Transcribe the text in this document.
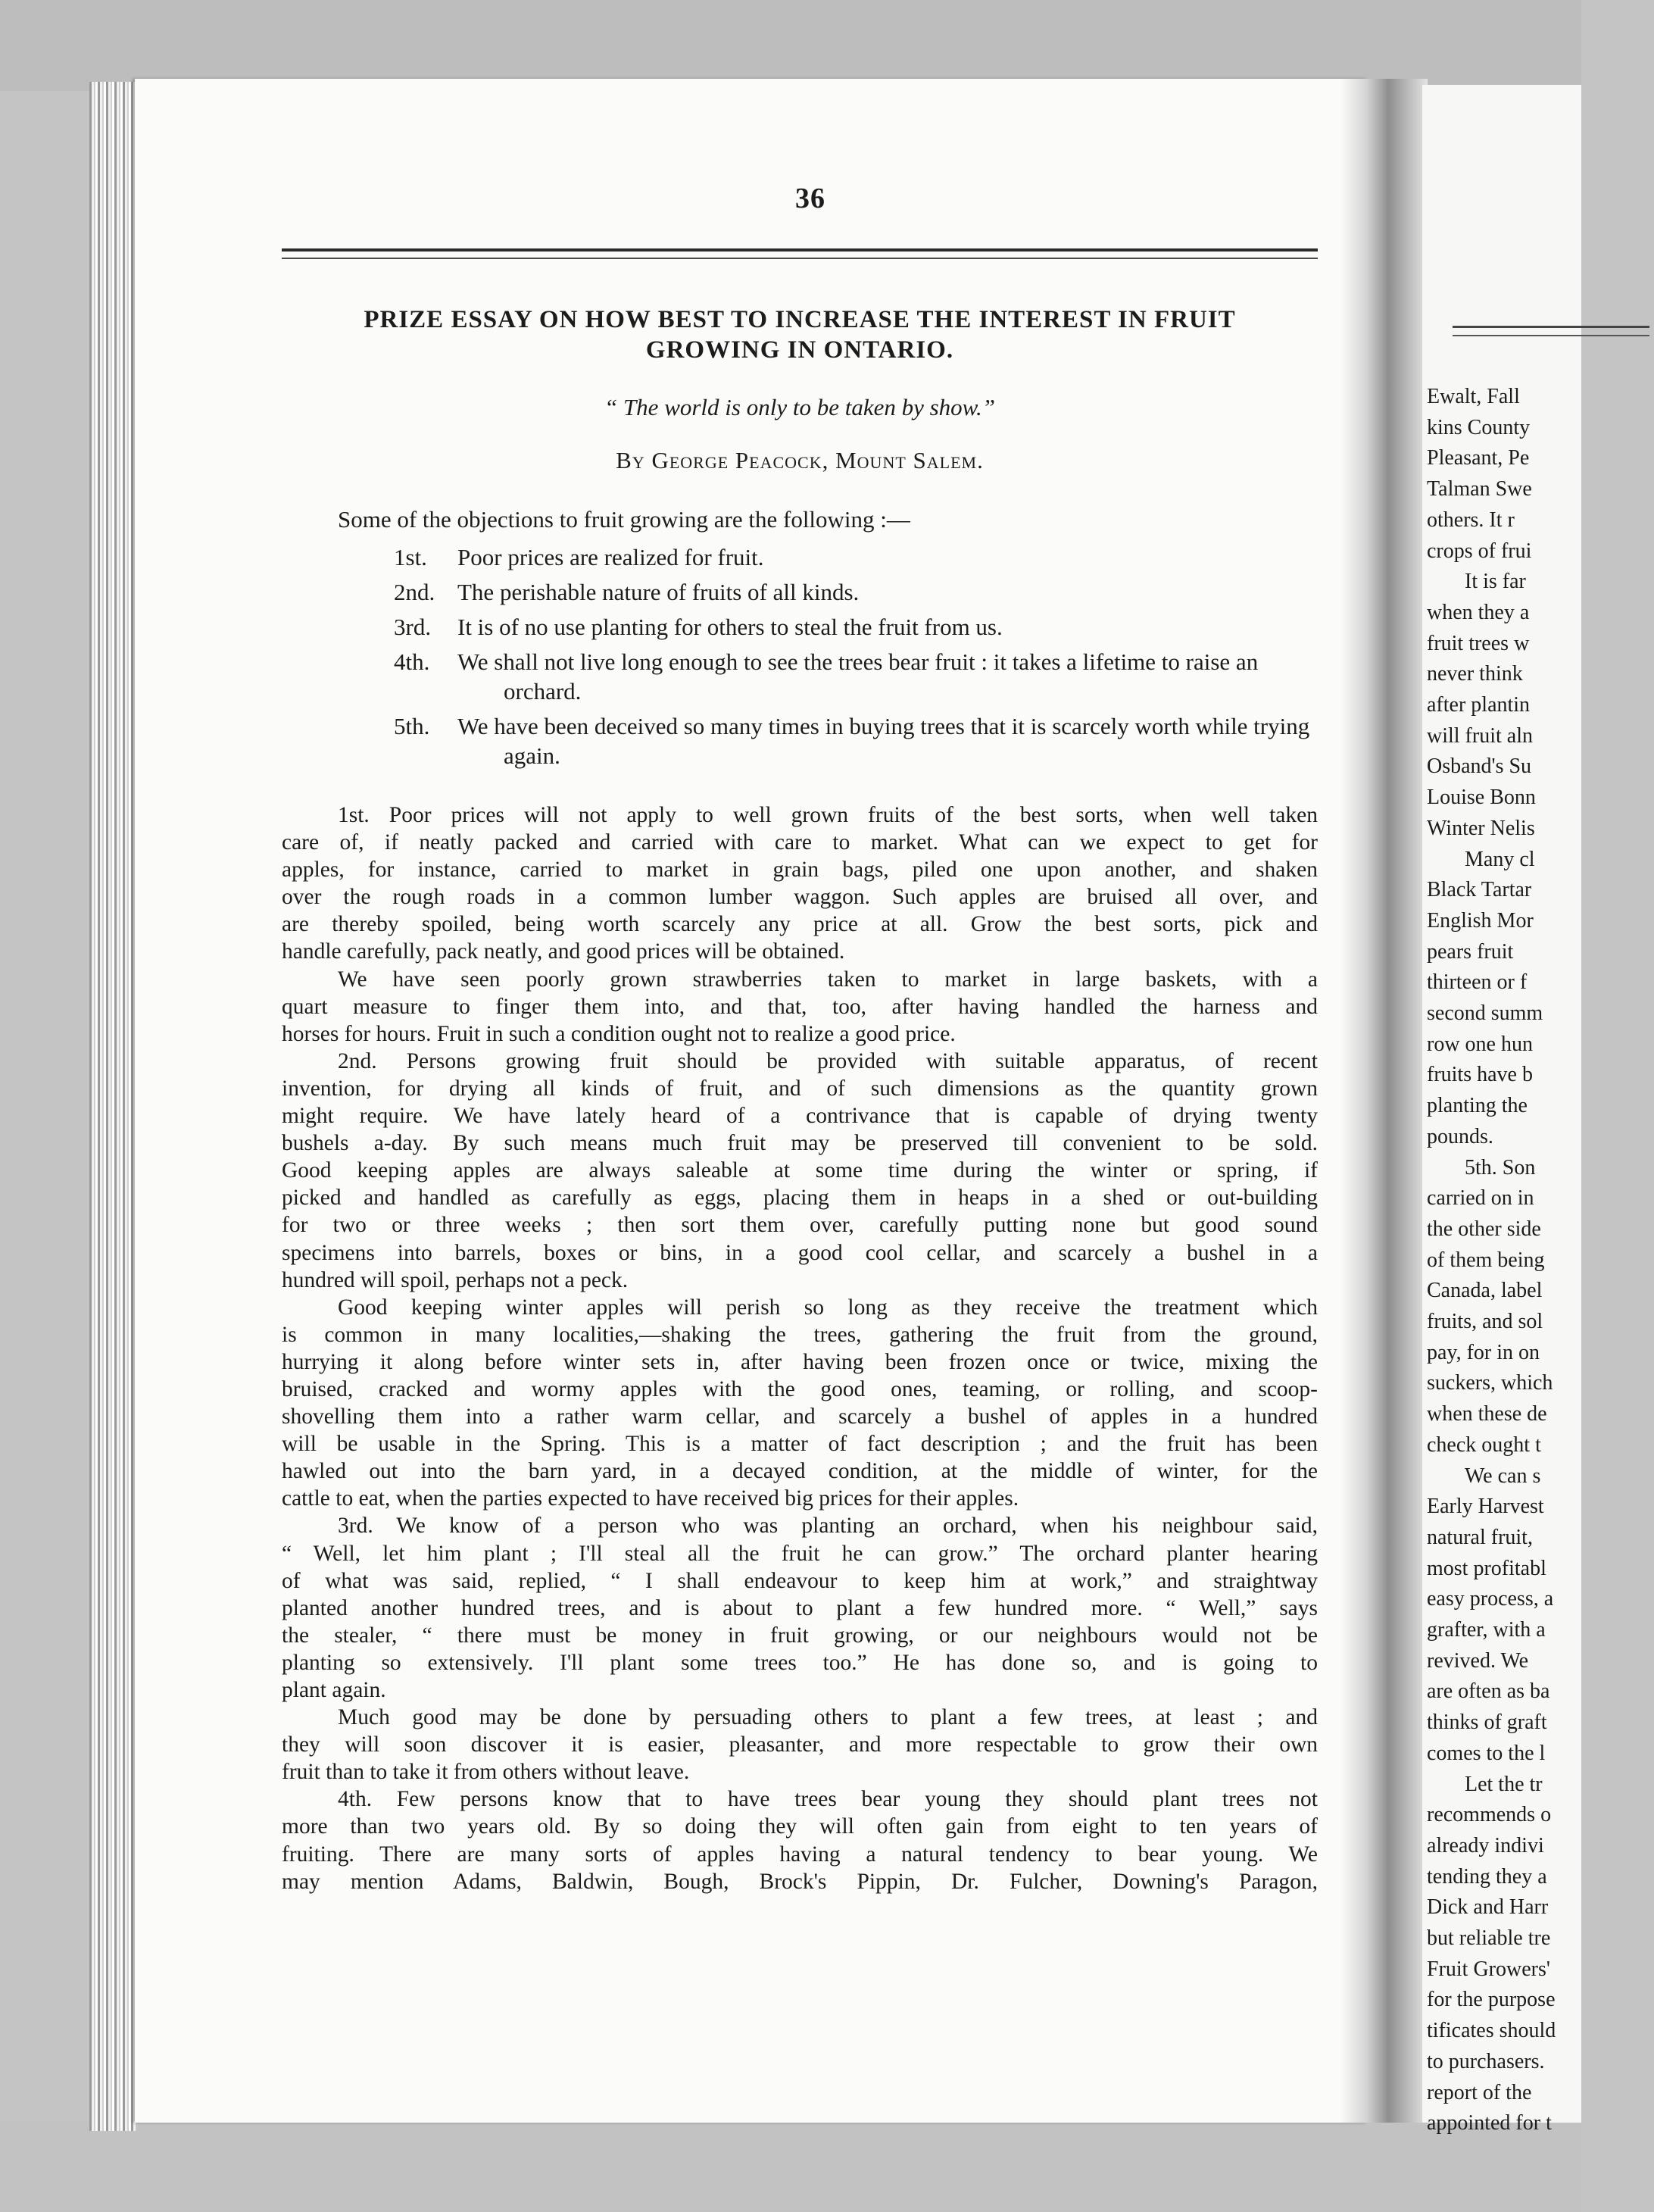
36
PRIZE ESSAY ON HOW BEST TO INCREASE THE INTEREST IN FRUIT
GROWING IN ONTARIO.
“ The world is only to be taken by show.”
By George Peacock, Mount Salem.
Some of the objections to fruit growing are the following :—
1st. Poor prices are realized for fruit.
2nd. The perishable nature of fruits of all kinds.
3rd. It is of no use planting for others to steal the fruit from us.
4th. We shall not live long enough to see the trees bear fruit : it takes a lifetime to raise an orchard.
5th. We have been deceived so many times in buying trees that it is scarcely worth while trying again.
1st. Poor prices will not apply to well grown fruits of the best sorts, when well taken
care of, if neatly packed and carried with care to market. What can we expect to get for
apples, for instance, carried to market in grain bags, piled one upon another, and shaken
over the rough roads in a common lumber waggon. Such apples are bruised all over, and
are thereby spoiled, being worth scarcely any price at all. Grow the best sorts, pick and
handle carefully, pack neatly, and good prices will be obtained.
We have seen poorly grown strawberries taken to market in large baskets, with a
quart measure to finger them into, and that, too, after having handled the harness and
horses for hours. Fruit in such a condition ought not to realize a good price.
2nd. Persons growing fruit should be provided with suitable apparatus, of recent
invention, for drying all kinds of fruit, and of such dimensions as the quantity grown
might require. We have lately heard of a contrivance that is capable of drying twenty
bushels a-day. By such means much fruit may be preserved till convenient to be sold.
Good keeping apples are always saleable at some time during the winter or spring, if
picked and handled as carefully as eggs, placing them in heaps in a shed or out-building
for two or three weeks ; then sort them over, carefully putting none but good sound
specimens into barrels, boxes or bins, in a good cool cellar, and scarcely a bushel in a
hundred will spoil, perhaps not a peck.
Good keeping winter apples will perish so long as they receive the treatment which
is common in many localities,—shaking the trees, gathering the fruit from the ground,
hurrying it along before winter sets in, after having been frozen once or twice, mixing the
bruised, cracked and wormy apples with the good ones, teaming, or rolling, and scoop-
shovelling them into a rather warm cellar, and scarcely a bushel of apples in a hundred
will be usable in the Spring. This is a matter of fact description ; and the fruit has been
hawled out into the barn yard, in a decayed condition, at the middle of winter, for the
cattle to eat, when the parties expected to have received big prices for their apples.
3rd. We know of a person who was planting an orchard, when his neighbour said,
“ Well, let him plant ; I'll steal all the fruit he can grow.” The orchard planter hearing
of what was said, replied, “ I shall endeavour to keep him at work,” and straightway
planted another hundred trees, and is about to plant a few hundred more. “ Well,” says
the stealer, “ there must be money in fruit growing, or our neighbours would not be
planting so extensively. I'll plant some trees too.” He has done so, and is going to
plant again.
Much good may be done by persuading others to plant a few trees, at least ; and
they will soon discover it is easier, pleasanter, and more respectable to grow their own
fruit than to take it from others without leave.
4th. Few persons know that to have trees bear young they should plant trees not
more than two years old. By so doing they will often gain from eight to ten years of
fruiting. There are many sorts of apples having a natural tendency to bear young. We
may mention Adams, Baldwin, Bough, Brock's Pippin, Dr. Fulcher, Downing's Paragon,
Ewalt, Fall
kins County
Pleasant, Pe
Talman Swe
others. It r
crops of frui
It is far
when they a
fruit trees w
never think
after plantin
will fruit aln
Osband's Su
Louise Bonn
Winter Nelis
Many cl
Black Tartar
English Mor
pears fruit
thirteen or f
second summ
row one hun
fruits have b
planting the
pounds.
5th. Son
carried on in
the other side
of them being
Canada, label
fruits, and sol
pay, for in on
suckers, which
when these de
check ought t
We can s
Early Harvest
natural fruit,
most profitabl
easy process, a
grafter, with a
revived. We
are often as ba
thinks of graft
comes to the l
Let the tr
recommends o
already indivi
tending they a
Dick and Harr
but reliable tre
Fruit Growers'
for the purpose
tificates should
to purchasers.
report of the
appointed for t
